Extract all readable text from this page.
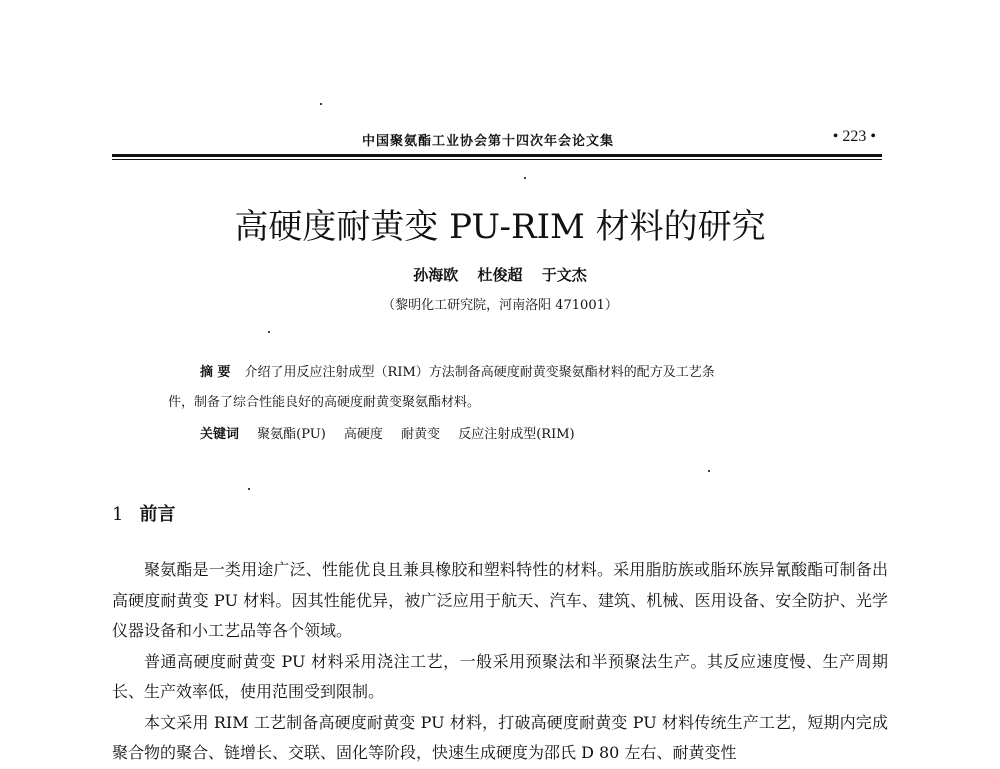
中国聚氨酯工业协会第十四次年会论文集	• 223 •
高硬度耐黄变 PU-RIM 材料的研究
孙海欧 杜俊超 于文杰
（黎明化工研究院，河南洛阳 471001）
摘 要 介绍了用反应注射成型（RIM）方法制备高硬度耐黄变聚氨酯材料的配方及工艺条
件，制备了综合性能良好的高硬度耐黄变聚氨酯材料。
关键词 聚氨酯(PU) 高硬度 耐黄变 反应注射成型(RIM)
1 前言

聚氨酯是一类用途广泛、性能优良且兼具橡胶和塑料特性的材料。采用脂肪族或脂环族异氰酸酯可制备出高硬度耐黄变 PU 材料。因其性能优异，被广泛应用于航天、汽车、建筑、机械、医用设备、安全防护、光学仪器设备和小工艺品等各个领域。

普通高硬度耐黄变 PU 材料采用浇注工艺，一般采用预聚法和半预聚法生产。其反应速度慢、生产周期长、生产效率低，使用范围受到限制。

本文采用 RIM 工艺制备高硬度耐黄变 PU 材料，打破高硬度耐黄变 PU 材料传统生产工艺，短期内完成聚合物的聚合、链增长、交联、固化等阶段，快速生成硬度为邵氏 D 80 左右、耐黄变性
